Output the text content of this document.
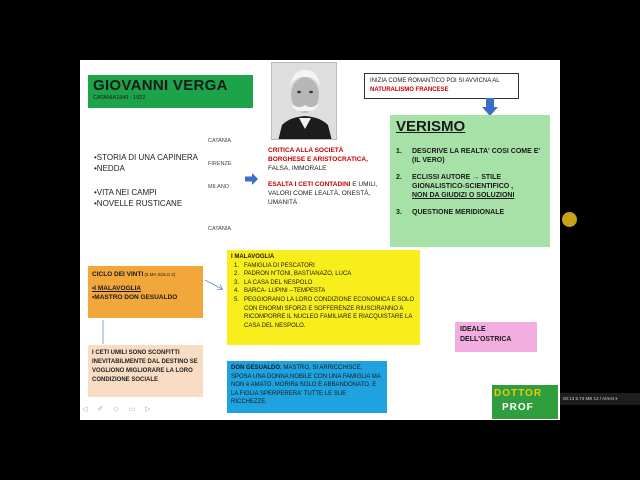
GIOVANNI VERGA
CATANIA1840 - 1922
•STORIA DI UNA CAPINERA
•NEDDA
•VITA NEI CAMPI
•NOVELLE RUSTICANE
CATANIA
FIRENZE
MILANO
CATANIA
CRITICA ALLA SOCIETÀ BORGHESE E ARISTOCRATICA,
FALSA, IMMORALE
ESALTA I CETI CONTADINI E UMILI, VALORI COME LEALTÀ, ONESTÀ, UMANITÀ
INIZIA COME ROMANTICO POI SI AVVICNA AL NATURALISMO FRANCESE
VERISMO
1.	DESCRIVE LA REALTA' COSI COME E' (IL VERO)
2.	ECLISSI AUTORE → STILE GIONALISTICO-SCIENTIFICO ,
NON DA GIUDIZI O SOLUZIONI
3.	QUESTIONE MERIDIONALE
CICLO DEI VINTI (5 MA SOLO 2)
•I MALAVOGLIA
•MASTRO DON GESUALDO
I MALAVOGLIA
1. FAMIGLIA DI PESCATORI
2. PADRON N'TONI, BASTIANAZO, LUCA
3. LA CASA DEL NESPOLO
4. BARCA- LUPINI --TEMPESTA
5. PEGGIORANO LA LORO CONDIZIONE ECONOMICA E SOLO CON ENORMI SFORZI E SOFFERENZE RIUSCIRANNO A RICOMPORRE IL NUCLEO FAMILIARE E RIACQUISTARE LA CASA DEL NESPOLO.
I CETI UMILI SONO SCONFITTI INEVITABILMENTE DAL DESTINO SE VOGLIONO MIGLIORARE LA LORO CONDIZIONE SOCIALE
DON GESUALDO, MASTRO, SI ARRICCHISCE, SPOSA UNA DONNA NOBILE CON UNA FAMIGLIA MA NON è AMATO. MORIRà SOLO E ABBANDONATO, E LA FIGLIA SPERPERERA' TUTTE LE SUE RICCHEZZE.
IDEALE DELL'OSTRICA
DOTTOR
PROF
◁ ✐ ◇ ▭ ▷
00:13 5.73 MB 13 / Arrest ⏸
